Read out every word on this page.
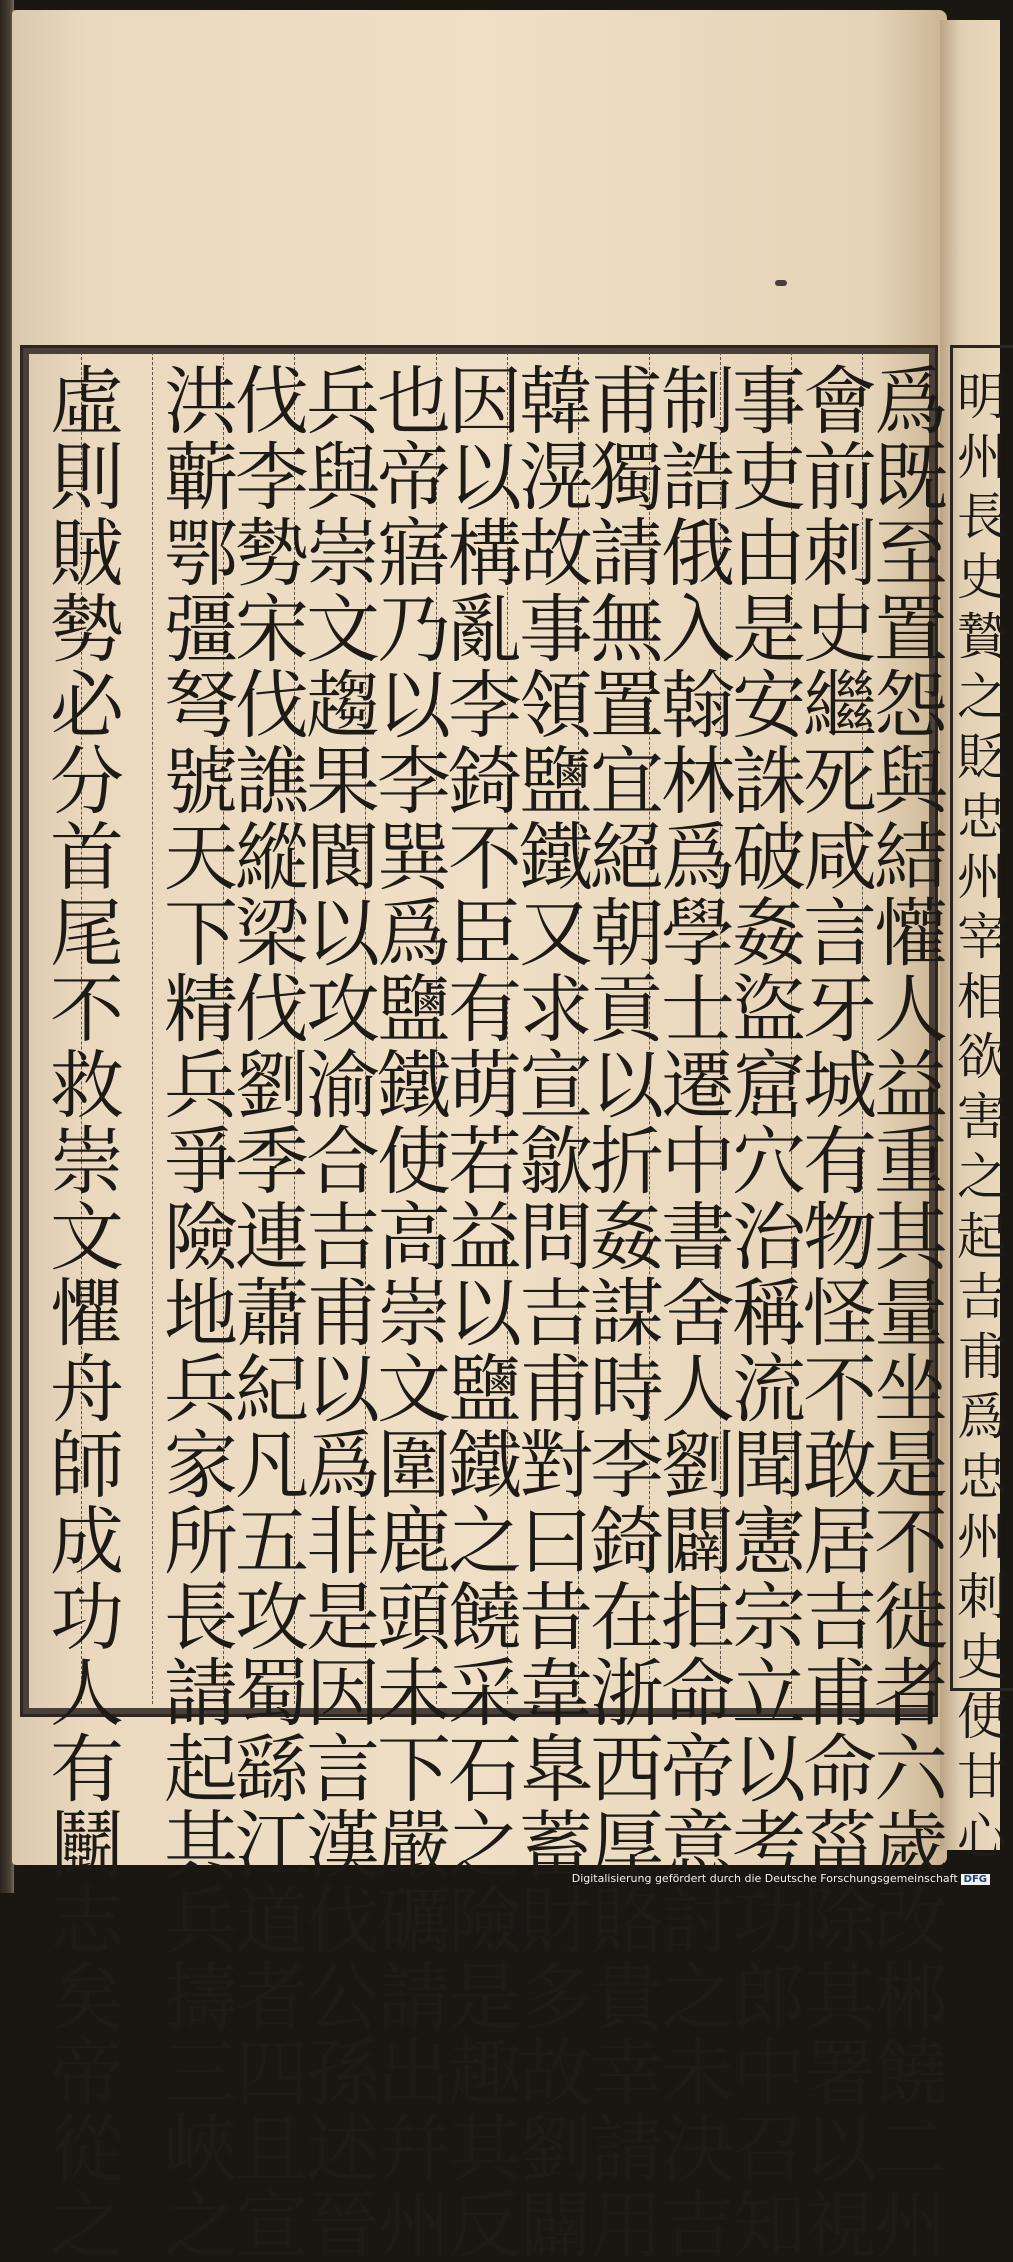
爲既至置怨與結懽人益重其量坐是不徙者六歲改郴饒二州
會前刺史繼死咸言牙城有物怪不敢居吉甫命菑除其署以視
事吏由是安誅破姦盜窟穴治稱流聞憲宗立以考功郎中召知
制誥俄入翰林爲學士遷中書舍人劉闢拒命帝意討之未決吉
甫獨請無置宜絕朝貢以折姦謀時李錡在浙西厚賂貴幸請用
韓滉故事領鹽鐵又求宣歙問吉甫對曰昔韋臯蓄財多故劉闢
因以構亂李錡不臣有萌若益以鹽鐵之饒采石之險是趣其反
也帝寤乃以李巽爲鹽鐵使高崇文圍鹿頭未下嚴礪請出幷州
兵與崇文趨果閬以攻渝合吉甫以爲非是因言漢伐公孫述晉
伐李勢宋伐譙縱梁伐劉季連蕭紀凡五攻蜀繇江道者四且宣
洪蘄鄂彊弩號天下精兵爭險地兵家所長請起其兵擣三峽之
虛則賊勢必分首尾不救崇文懼舟師成功人有鬭志矣帝從之	明州長史贄之貶忠州宰相欲害之起吉甫爲忠州刺史使甘心
Digitalisierung gefördert durch die Deutsche Forschungsgemeinschaft DFG
